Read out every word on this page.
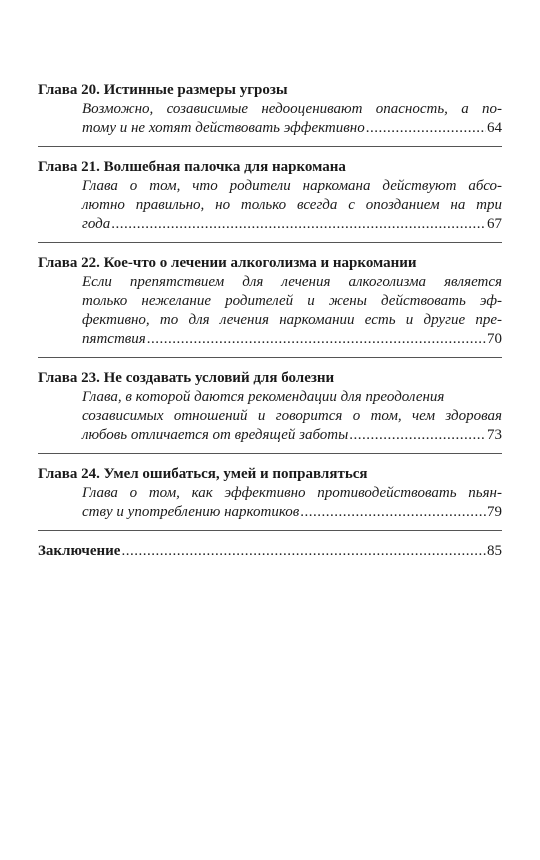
Глава 20. Истинные размеры угрозы
Возможно, созависимые недооценивают опасность, а по-
тому и не хотят действовать эффективно .....	64
Глава 21. Волшебная палочка для наркомана
Глава о том, что родители наркомана действуют абсо-
лютно правильно, но только всегда с опозданием на три
года .....	67
Глава 22. Кое-что о лечении алкоголизма и наркомании
Если препятствием для лечения алкоголизма является
только нежелание родителей и жены действовать эф-
фективно, то для лечения наркомании есть и другие пре-
пятствия .....	70
Глава 23. Не создавать условий для болезни
Глава, в которой даются рекомендации для преодоления
созависимых отношений и говорится о том, чем здоровая
любовь отличается от вредящей заботы .....	73
Глава 24. Умел ошибаться, умей и поправляться
Глава о том, как эффективно противодействовать пьян-
ству и употреблению наркотиков .....	79
Заключение .....	85
